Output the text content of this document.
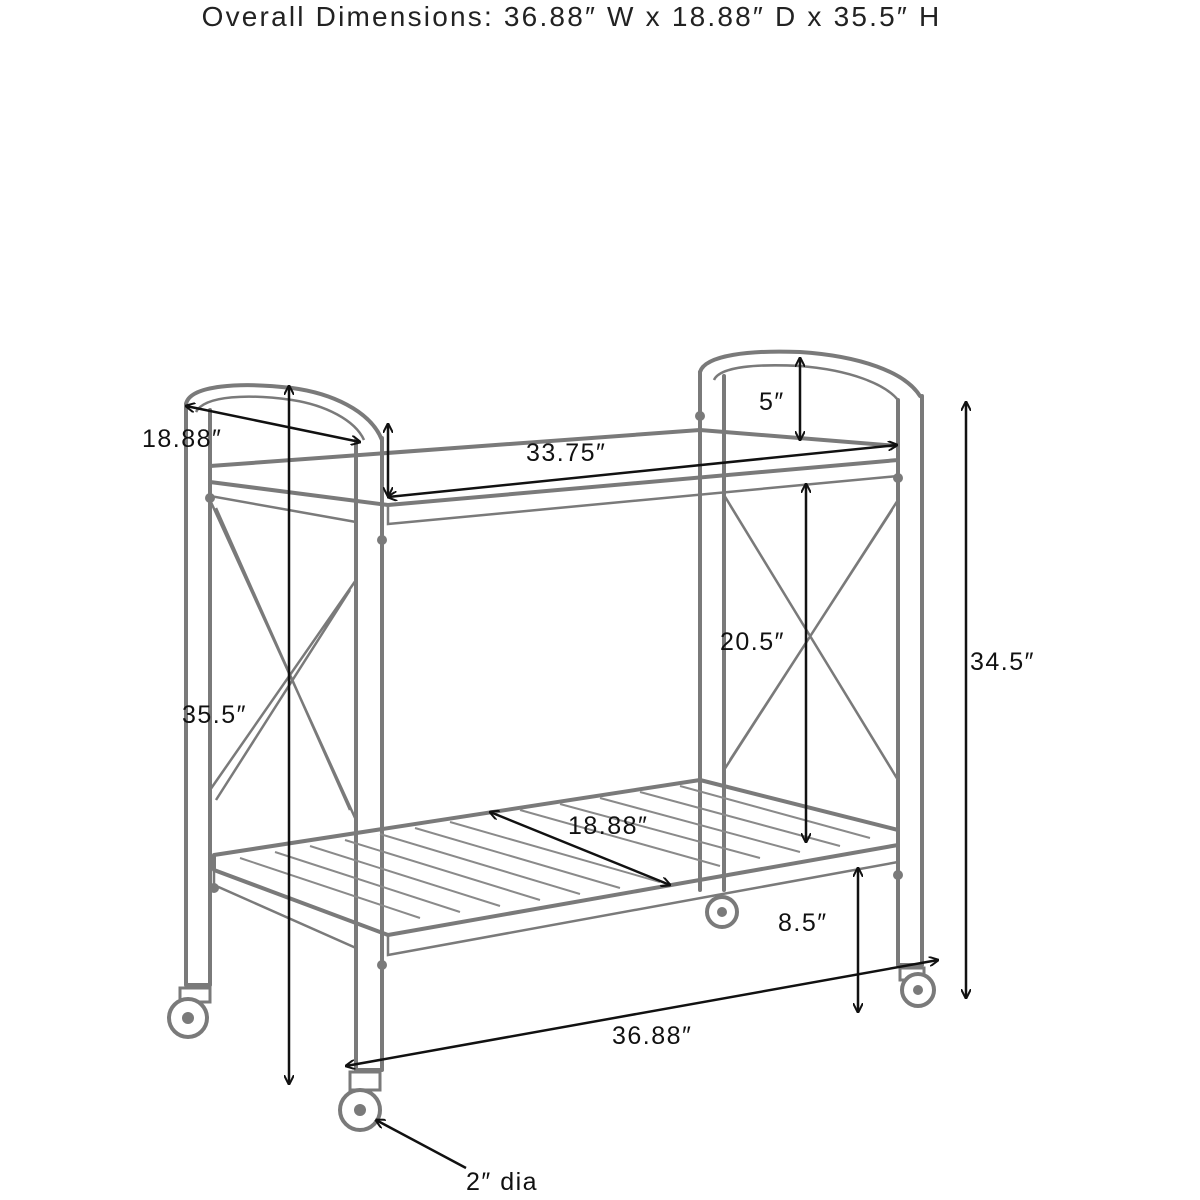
Overall Dimensions: 36.88″ W x 18.88″ D x 35.5″ H
18.88″	33.75″
5″
35.5″
20.5″
34.5″
18.88″
8.5″
36.88″
2″ dia
